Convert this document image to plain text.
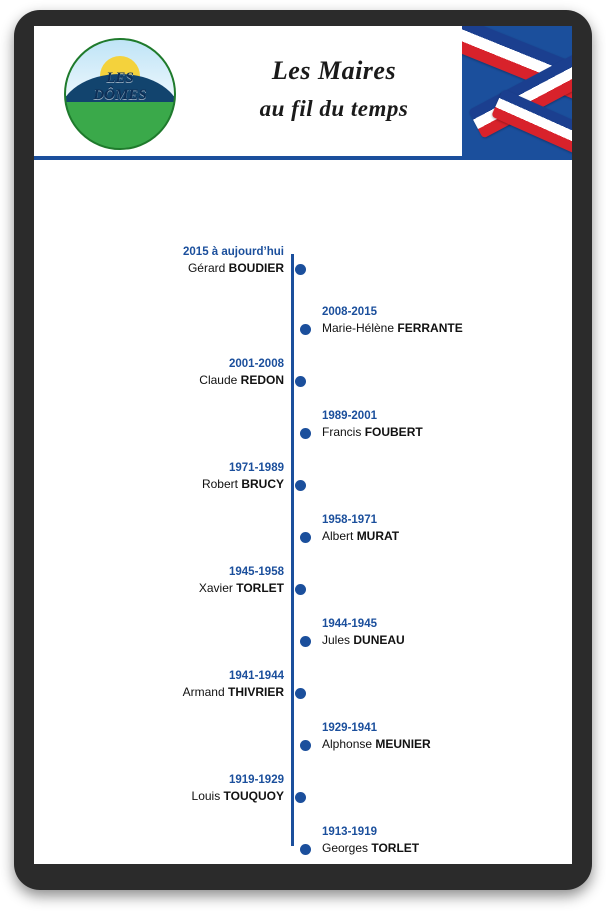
LES
DÔMES
Les Maires
au fil du temps
2015 à aujourd’hui
Gérard BOUDIER
2008-2015
Marie-Hélène FERRANTE
2001-2008
Claude REDON
1989-2001
Francis FOUBERT
1971-1989
Robert BRUCY
1958-1971
Albert MURAT
1945-1958
Xavier TORLET
1944-1945
Jules DUNEAU
1941-1944
Armand THIVRIER
1929-1941
Alphonse MEUNIER
1919-1929
Louis TOUQUOY
1913-1919
Georges TORLET
